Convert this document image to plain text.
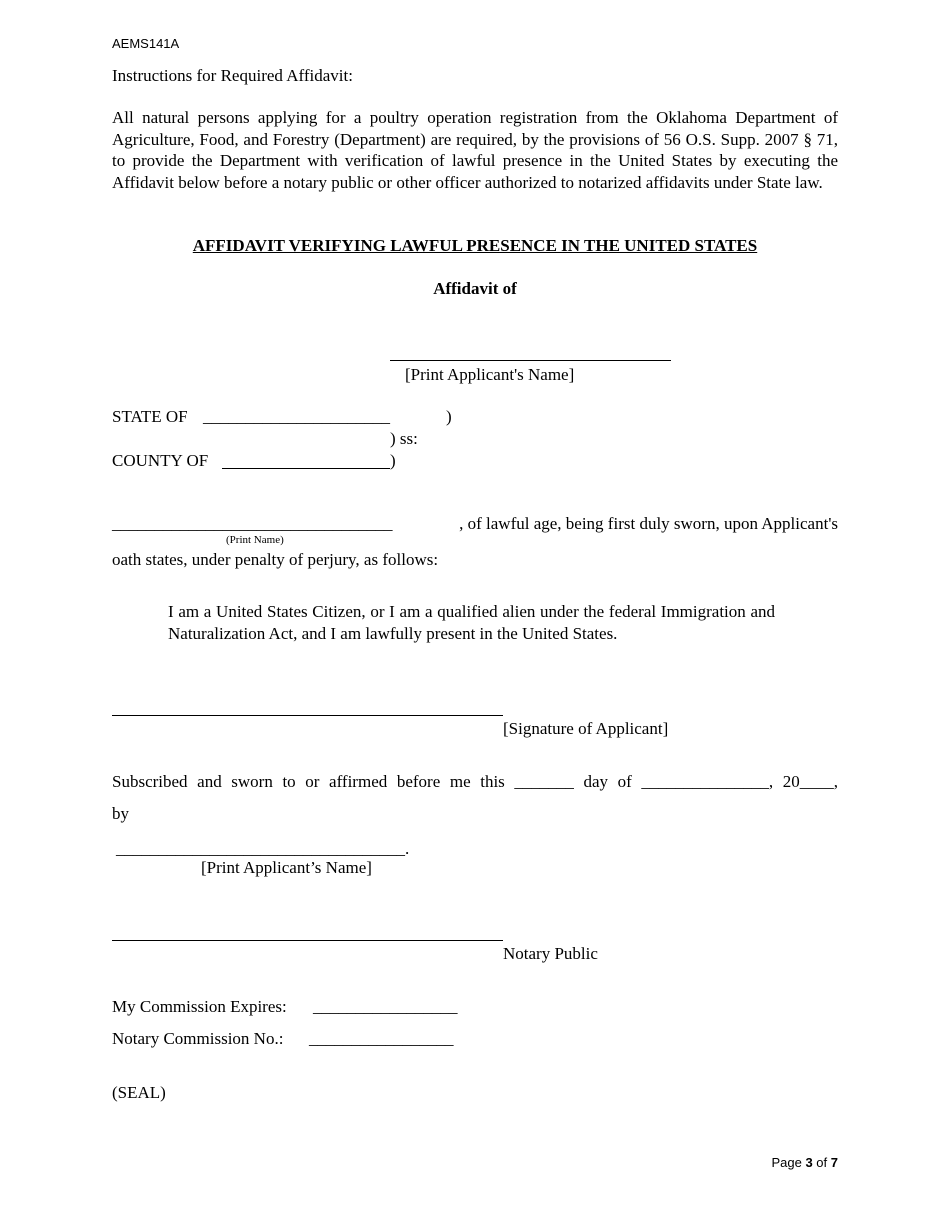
AEMS141A
Instructions for Required Affidavit:
All natural persons applying for a poultry operation registration from the Oklahoma Department of Agriculture, Food, and Forestry (Department) are required, by the provisions of 56 O.S. Supp. 2007 § 71, to provide the Department with verification of lawful presence in the United States by executing the Affidavit below before a notary public or other officer authorized to notarized affidavits under State law.
AFFIDAVIT VERIFYING LAWFUL PRESENCE IN THE UNITED STATES
Affidavit of
[Print Applicant's Name]
STATE OF ______________________	)
) ss:
COUNTY OF	)
_________________________________	, of lawful age, being first duly sworn, upon Applicant's
(Print Name)
oath states, under penalty of perjury, as follows:
I am a United States Citizen, or I am a qualified alien under the federal Immigration and Naturalization Act, and I am lawfully present in the United States.
[Signature of Applicant]
Subscribed and sworn to or affirmed before me this _______ day of _______________, 20____,
by
__________________________________.
[Print Applicant’s Name]
Notary Public
My Commission Expires: _________________
Notary Commission No.: _________________
(SEAL)
Page 3 of 7
